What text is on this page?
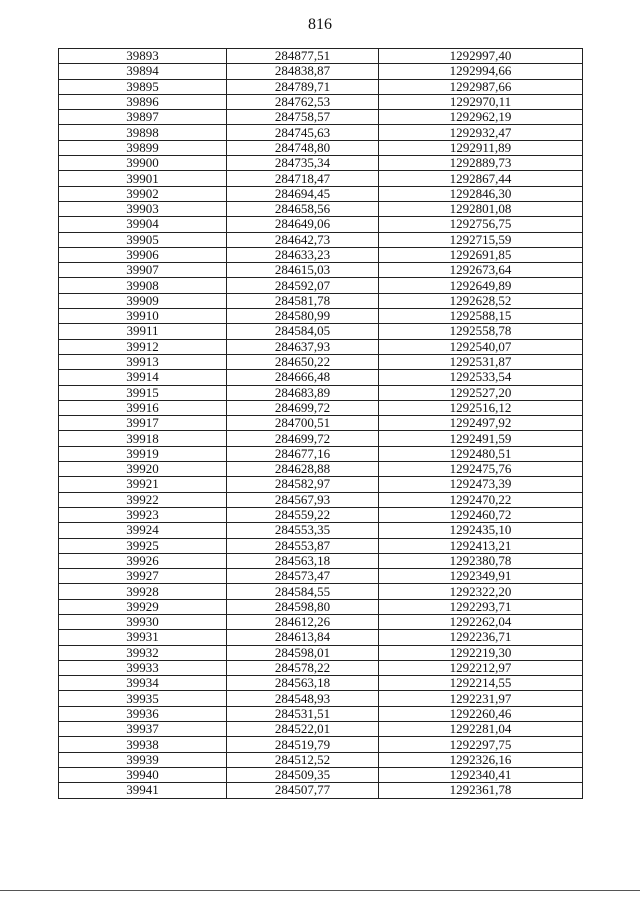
816
39893	284877,51	1292997,40
39894	284838,87	1292994,66
39895	284789,71	1292987,66
39896	284762,53	1292970,11
39897	284758,57	1292962,19
39898	284745,63	1292932,47
39899	284748,80	1292911,89
39900	284735,34	1292889,73
39901	284718,47	1292867,44
39902	284694,45	1292846,30
39903	284658,56	1292801,08
39904	284649,06	1292756,75
39905	284642,73	1292715,59
39906	284633,23	1292691,85
39907	284615,03	1292673,64
39908	284592,07	1292649,89
39909	284581,78	1292628,52
39910	284580,99	1292588,15
39911	284584,05	1292558,78
39912	284637,93	1292540,07
39913	284650,22	1292531,87
39914	284666,48	1292533,54
39915	284683,89	1292527,20
39916	284699,72	1292516,12
39917	284700,51	1292497,92
39918	284699,72	1292491,59
39919	284677,16	1292480,51
39920	284628,88	1292475,76
39921	284582,97	1292473,39
39922	284567,93	1292470,22
39923	284559,22	1292460,72
39924	284553,35	1292435,10
39925	284553,87	1292413,21
39926	284563,18	1292380,78
39927	284573,47	1292349,91
39928	284584,55	1292322,20
39929	284598,80	1292293,71
39930	284612,26	1292262,04
39931	284613,84	1292236,71
39932	284598,01	1292219,30
39933	284578,22	1292212,97
39934	284563,18	1292214,55
39935	284548,93	1292231,97
39936	284531,51	1292260,46
39937	284522,01	1292281,04
39938	284519,79	1292297,75
39939	284512,52	1292326,16
39940	284509,35	1292340,41
39941	284507,77	1292361,78
